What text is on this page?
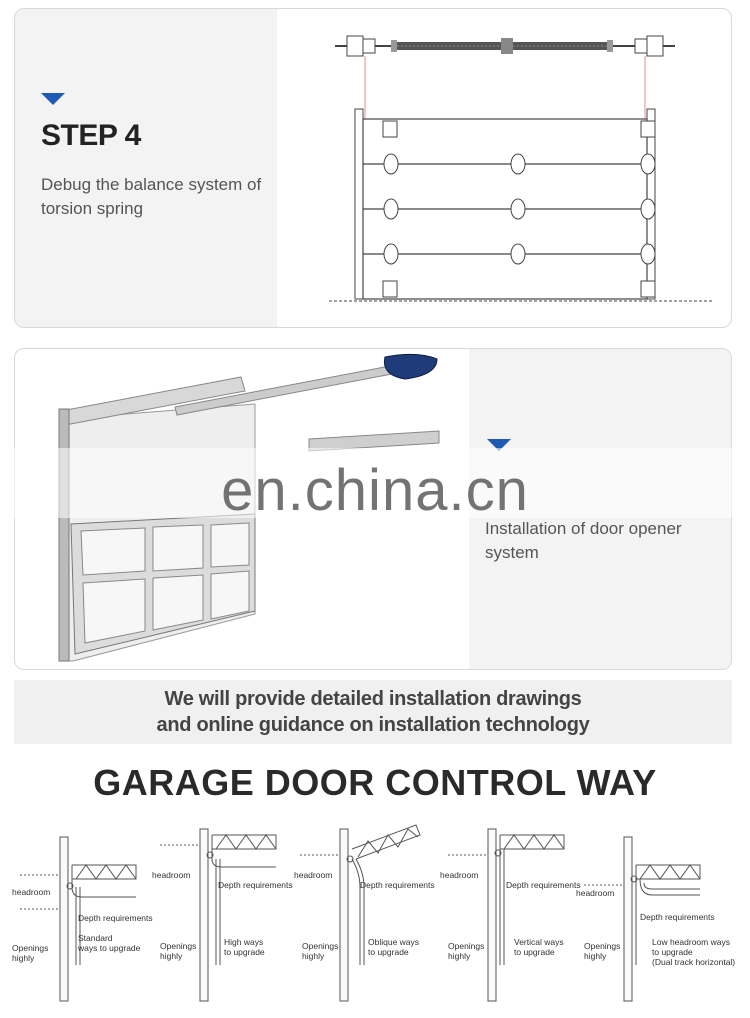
STEP 4
Debug the balance system of
torsion spring
Installation of door opener
system
en.china.cn
We will provide detailed installation drawings
and online guidance on installation technology
GARAGE DOOR CONTROL WAY
headroom
Depth requirements
Openings
highly
Standard
ways to upgrade
headroom
Depth requirements
Openings
highly
High ways
to upgrade
headroom
Depth requirements
Openings
highly
Oblique ways
to upgrade
headroom
Depth requirements
Openings
highly
Vertical ways
to upgrade
headroom
Depth requirements
Openings
highly
Low headroom ways
to upgrade
(Dual track horizontal)
